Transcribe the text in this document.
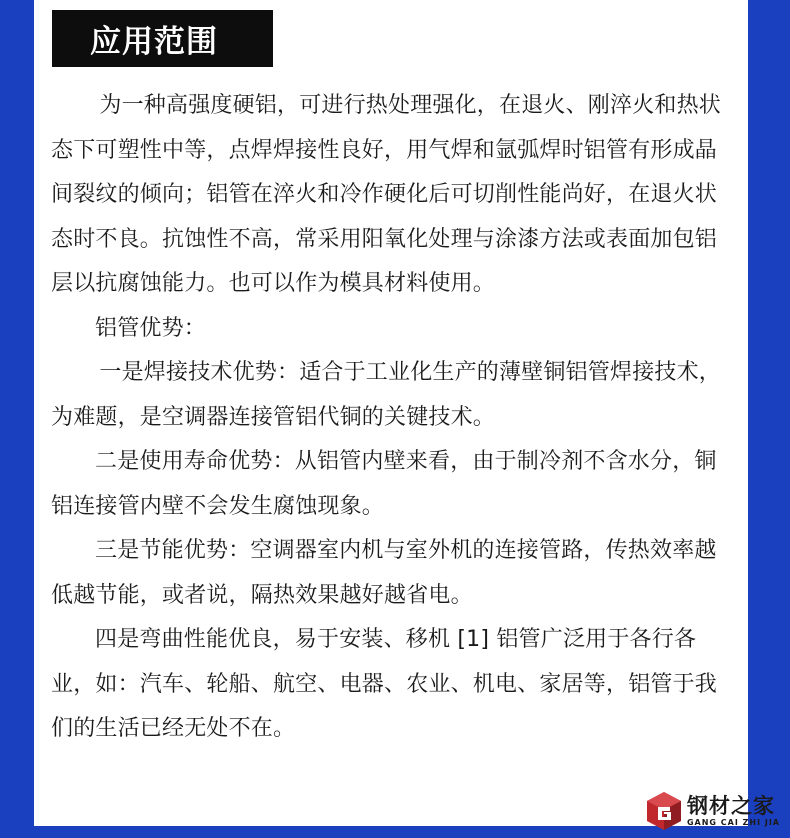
应用范围

为一种高强度硬铝，可进行热处理强化，在退火、刚淬火和热状态下可塑性中等，点焊焊接性良好，用气焊和氩弧焊时铝管有形成晶间裂纹的倾向；铝管在淬火和冷作硬化后可切削性能尚好，在退火状态时不良。抗蚀性不高，常采用阳氧化处理与涂漆方法或表面加包铝层以抗腐蚀能力。也可以作为模具材料使用。

铝管优势：

一是焊接技术优势：适合于工业化生产的薄壁铜铝管焊接技术，为难题，是空调器连接管铝代铜的关键技术。

二是使用寿命优势：从铝管内壁来看，由于制冷剂不含水分，铜铝连接管内壁不会发生腐蚀现象。

三是节能优势：空调器室内机与室外机的连接管路，传热效率越低越节能，或者说，隔热效果越好越省电。

四是弯曲性能优良，易于安装、移机 [1] 铝管广泛用于各行各业，如：汽车、轮船、航空、电器、农业、机电、家居等，铝管于我们的生活已经无处不在。

钢材之家
GANG CAI ZHI JIA
